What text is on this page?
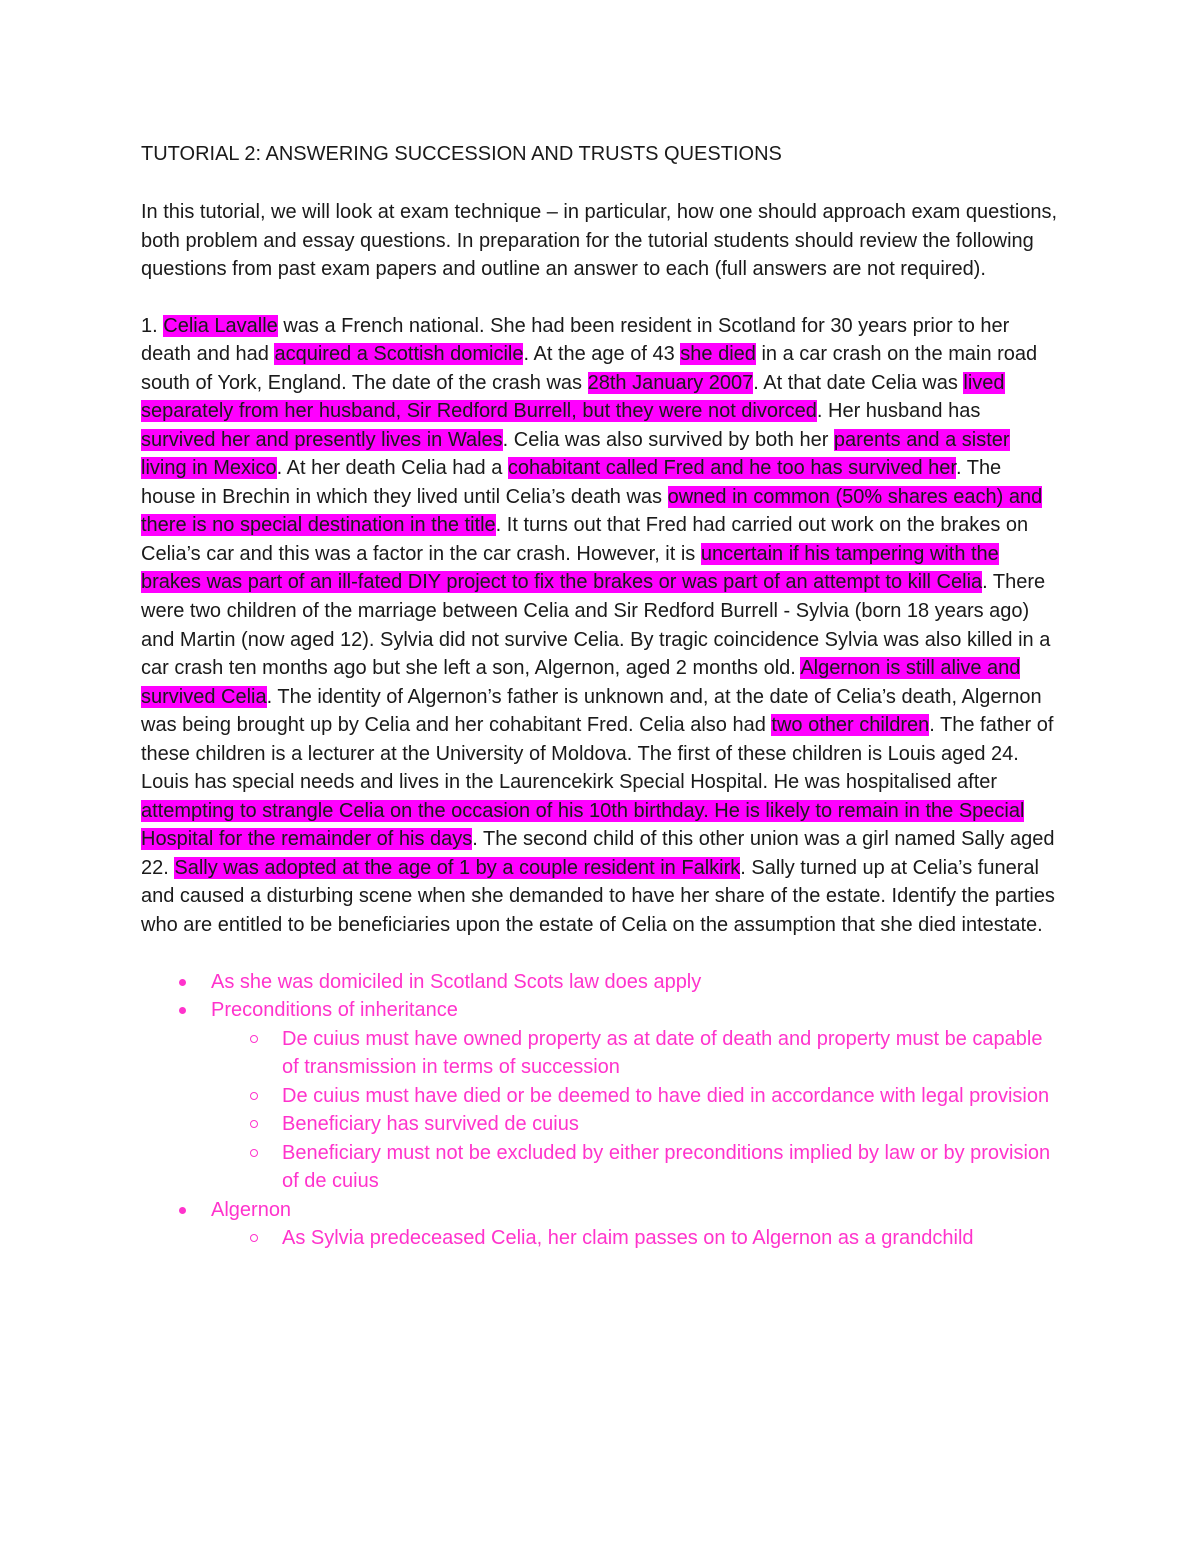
TUTORIAL 2: ANSWERING SUCCESSION AND TRUSTS QUESTIONS

In this tutorial, we will look at exam technique – in particular, how one should approach exam questions, both problem and essay questions. In preparation for the tutorial students should review the following questions from past exam papers and outline an answer to each (full answers are not required).

1. Celia Lavalle was a French national. She had been resident in Scotland for 30 years prior to her death and had acquired a Scottish domicile. At the age of 43 she died in a car crash on the main road south of York, England. The date of the crash was 28th January 2007. At that date Celia was lived separately from her husband, Sir Redford Burrell, but they were not divorced. Her husband has survived her and presently lives in Wales. Celia was also survived by both her parents and a sister living in Mexico. At her death Celia had a cohabitant called Fred and he too has survived her. The house in Brechin in which they lived until Celia’s death was owned in common (50% shares each) and there is no special destination in the title. It turns out that Fred had carried out work on the brakes on Celia’s car and this was a factor in the car crash. However, it is uncertain if his tampering with the brakes was part of an ill-fated DIY project to fix the brakes or was part of an attempt to kill Celia. There were two children of the marriage between Celia and Sir Redford Burrell - Sylvia (born 18 years ago) and Martin (now aged 12). Sylvia did not survive Celia. By tragic coincidence Sylvia was also killed in a car crash ten months ago but she left a son, Algernon, aged 2 months old. Algernon is still alive and survived Celia. The identity of Algernon’s father is unknown and, at the date of Celia’s death, Algernon was being brought up by Celia and her cohabitant Fred. Celia also had two other children. The father of these children is a lecturer at the University of Moldova. The first of these children is Louis aged 24. Louis has special needs and lives in the Laurencekirk Special Hospital. He was hospitalised after attempting to strangle Celia on the occasion of his 10th birthday. He is likely to remain in the Special Hospital for the remainder of his days. The second child of this other union was a girl named Sally aged 22. Sally was adopted at the age of 1 by a couple resident in Falkirk. Sally turned up at Celia’s funeral and caused a disturbing scene when she demanded to have her share of the estate. Identify the parties who are entitled to be beneficiaries upon the estate of Celia on the assumption that she died intestate.

As she was domiciled in Scotland Scots law does apply
Preconditions of inheritance
De cuius must have owned property as at date of death and property must be capable of transmission in terms of succession
De cuius must have died or be deemed to have died in accordance with legal provision
Beneficiary has survived de cuius
Beneficiary must not be excluded by either preconditions implied by law or by provision of de cuius
Algernon
As Sylvia predeceased Celia, her claim passes on to Algernon as a grandchild
